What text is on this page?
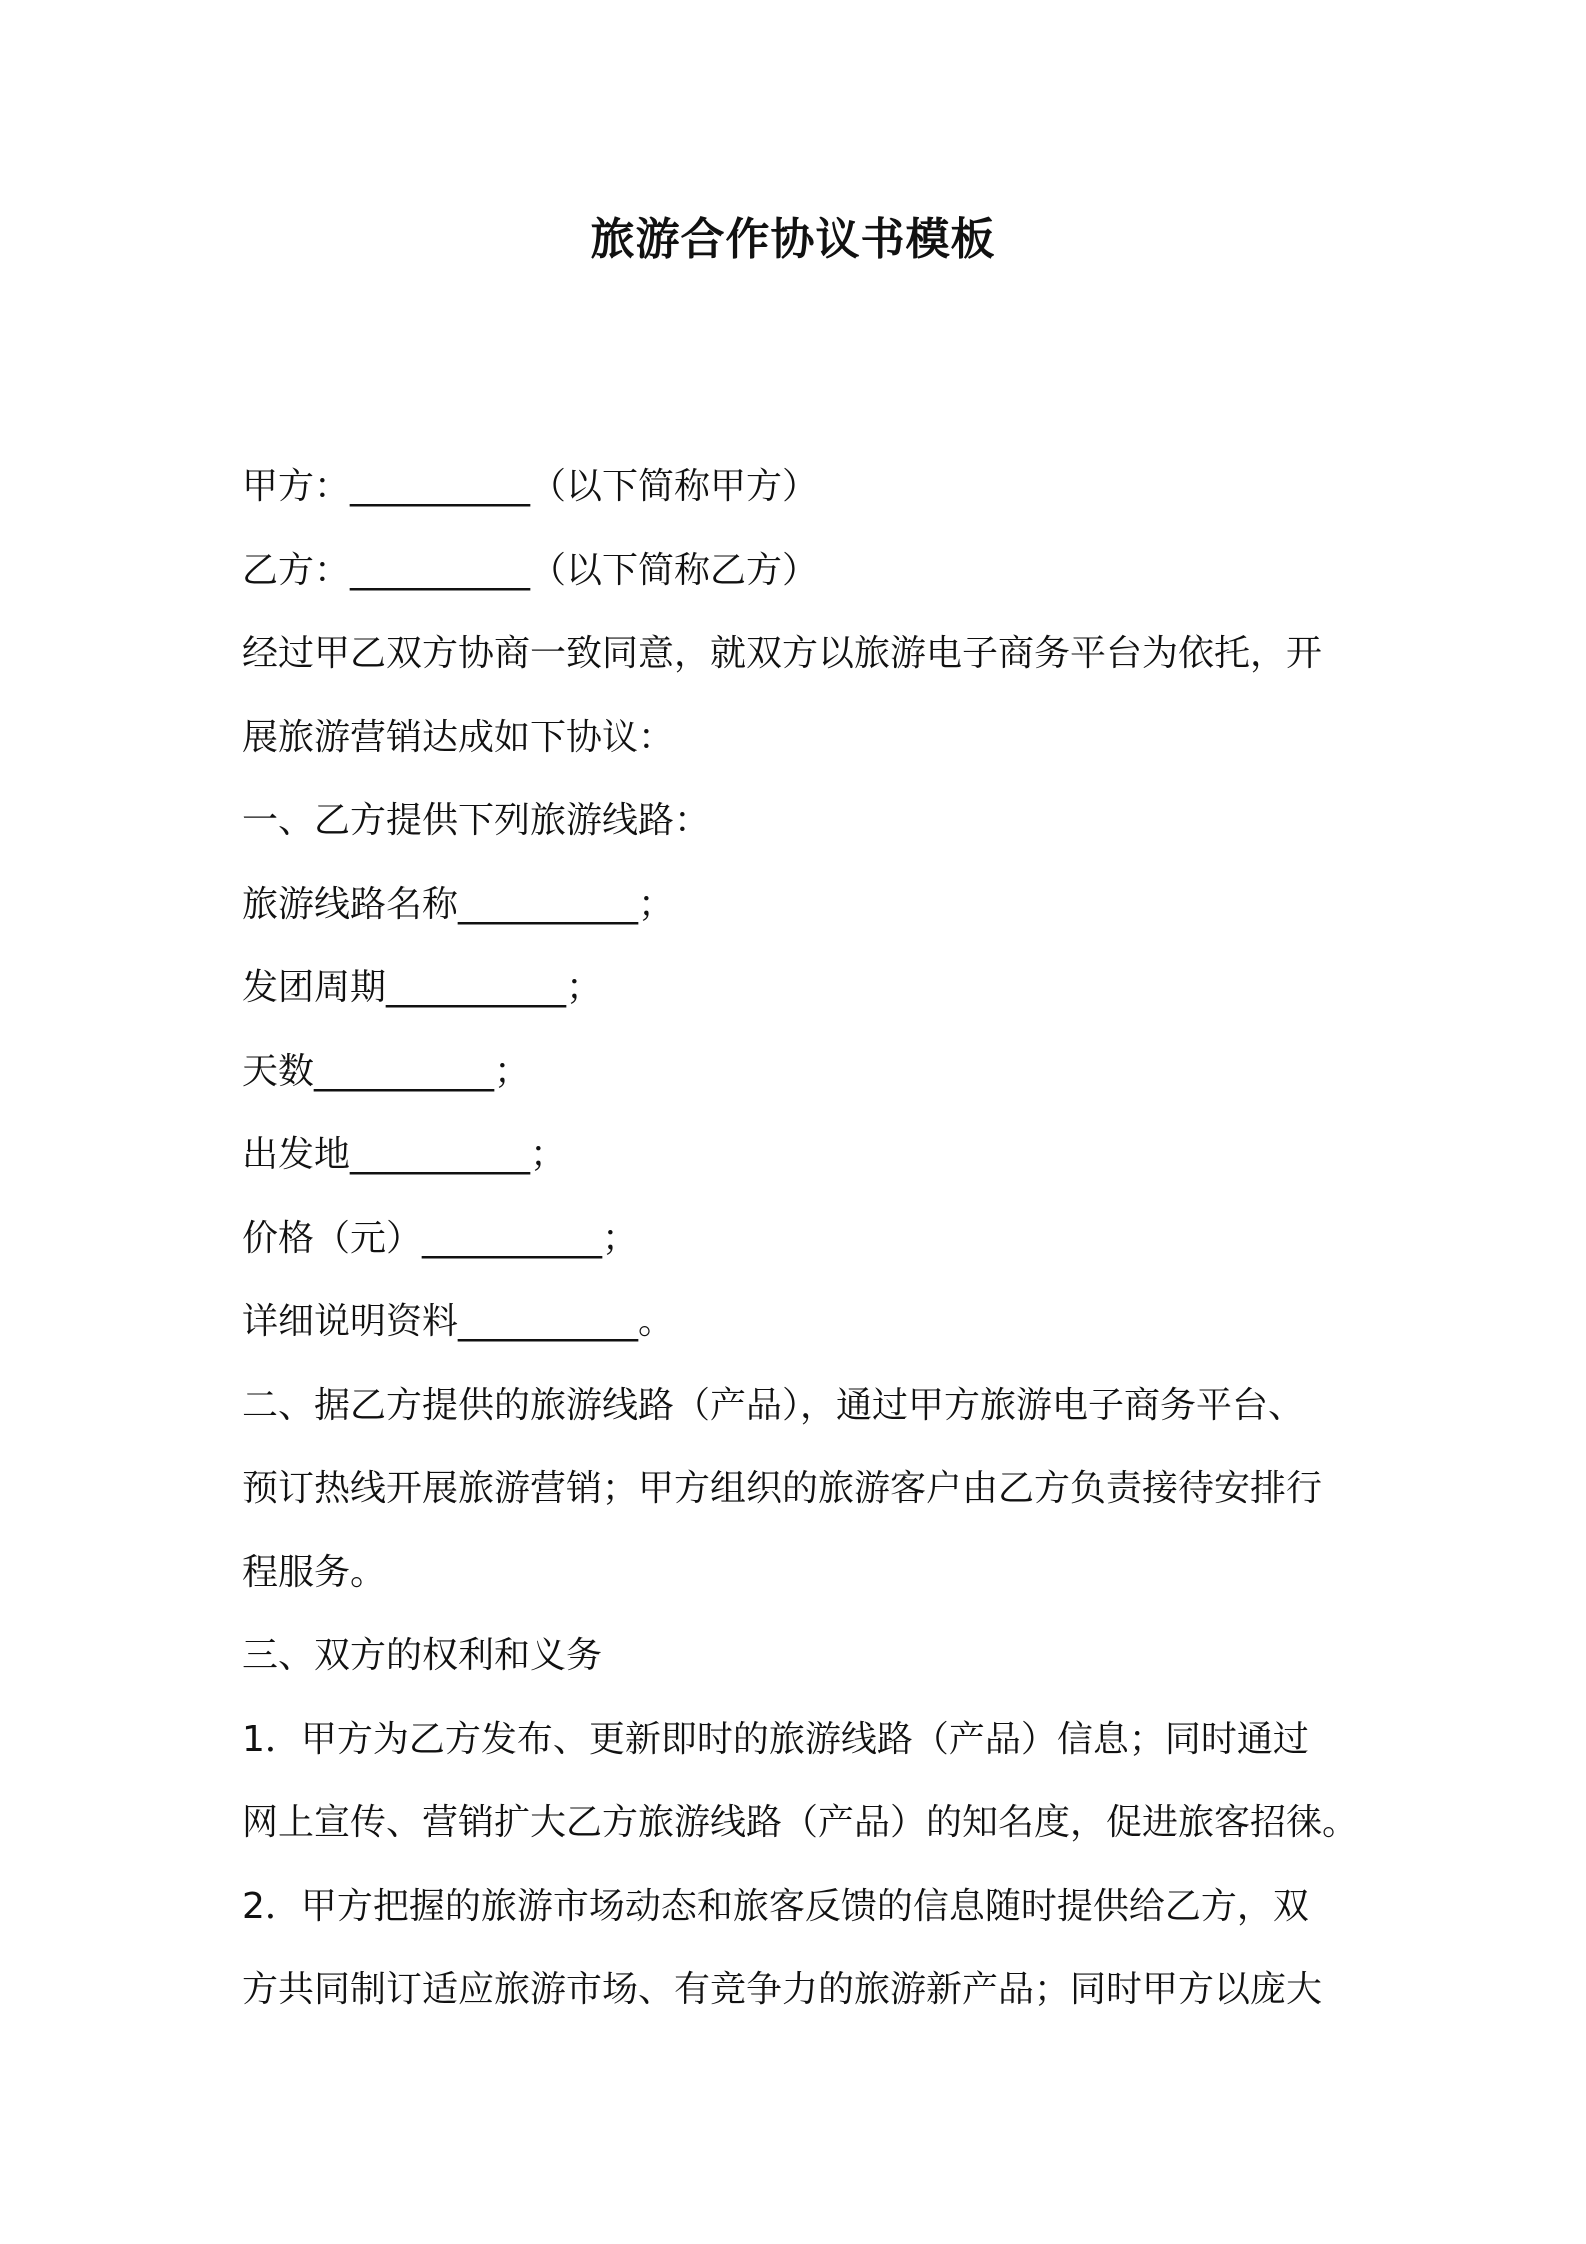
旅游合作协议书模板
甲方：__________（以下简称甲方）
乙方：__________（以下简称乙方）
经过甲乙双方协商一致同意，就双方以旅游电子商务平台为依托，开
展旅游营销达成如下协议：
一、乙方提供下列旅游线路：
旅游线路名称__________；
发团周期__________；
天数__________；
出发地__________；
价格（元）__________；
详细说明资料__________。
二、据乙方提供的旅游线路（产品），通过甲方旅游电子商务平台、
预订热线开展旅游营销；甲方组织的旅游客户由乙方负责接待安排行
程服务。
三、双方的权利和义务
1．甲方为乙方发布、更新即时的旅游线路（产品）信息；同时通过
网上宣传、营销扩大乙方旅游线路（产品）的知名度，促进旅客招徕。
2．甲方把握的旅游市场动态和旅客反馈的信息随时提供给乙方，双
方共同制订适应旅游市场、有竞争力的旅游新产品；同时甲方以庞大
